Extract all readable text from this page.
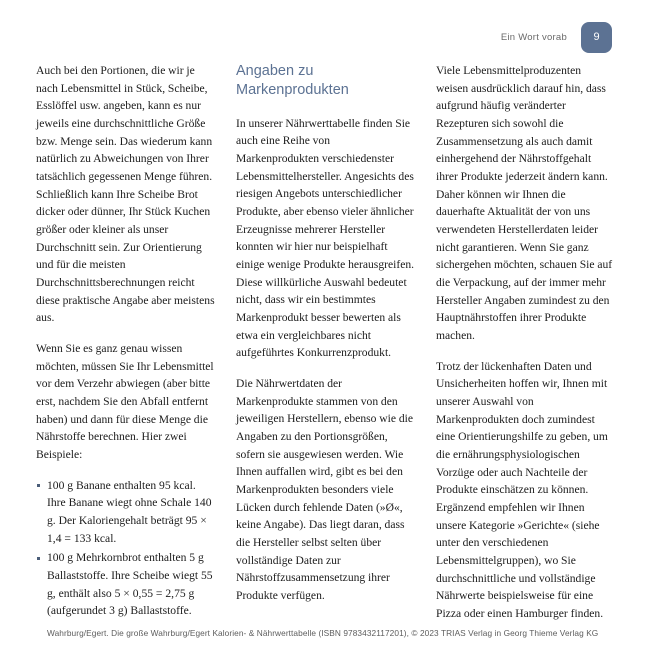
Ein Wort vorab	9

Auch bei den Portionen, die wir je nach Lebensmittel in Stück, Scheibe, Esslöffel usw. angeben, kann es nur jeweils eine durchschnittliche Größe bzw. Menge sein. Das wiederum kann natürlich zu Abweichungen von Ihrer tatsächlich gegessenen Menge führen. Schließlich kann Ihre Scheibe Brot dicker oder dünner, Ihr Stück Kuchen größer oder kleiner als unser Durchschnitt sein. Zur Orientierung und für die meisten Durchschnittsberechnungen reicht diese praktische Angabe aber meistens aus.

Wenn Sie es ganz genau wissen möchten, müssen Sie Ihr Lebensmittel vor dem Verzehr abwiegen (aber bitte erst, nachdem Sie den Abfall entfernt haben) und dann für diese Menge die Nährstoffe berechnen. Hier zwei Beispiele:

100 g Banane enthalten 95 kcal. Ihre Banane wiegt ohne Schale 140 g. Der Kaloriengehalt beträgt 95 × 1,4 = 133 kcal.
100 g Mehrkornbrot enthalten 5 g Ballaststoffe. Ihre Scheibe wiegt 55 g, enthält also 5 × 0,55 = 2,75 g (aufgerundet 3 g) Ballaststoffe.
Angaben zu Markenprodukten

In unserer Nährwerttabelle finden Sie auch eine Reihe von Markenprodukten verschiedenster Lebensmittelhersteller. Angesichts des riesigen Angebots unterschiedlicher Produkte, aber ebenso vieler ähnlicher Erzeugnisse mehrerer Hersteller konnten wir hier nur beispielhaft einige wenige Produkte herausgreifen. Diese willkürliche Auswahl bedeutet nicht, dass wir ein bestimmtes Markenprodukt besser bewerten als etwa ein vergleichbares nicht aufgeführtes Konkurrenzprodukt.

Die Nährwertdaten der Markenprodukte stammen von den jeweiligen Herstellern, ebenso wie die Angaben zu den Portionsgrößen, sofern sie ausgewiesen werden. Wie Ihnen auffallen wird, gibt es bei den Markenprodukten besonders viele Lücken durch fehlende Daten (»Ø«, keine Angabe). Das liegt daran, dass die Hersteller selbst selten über vollständige Daten zur Nährstoffzusammensetzung ihrer Produkte verfügen.

Viele Lebensmittelproduzenten weisen ausdrücklich darauf hin, dass aufgrund häufig veränderter Rezepturen sich sowohl die Zusammensetzung als auch damit einhergehend der Nährstoffgehalt ihrer Produkte jederzeit ändern kann. Daher können wir Ihnen die dauerhafte Aktualität der von uns verwendeten Herstellerdaten leider nicht garantieren. Wenn Sie ganz sichergehen möchten, schauen Sie auf die Verpackung, auf der immer mehr Hersteller Angaben zumindest zu den Hauptnährstoffen ihrer Produkte machen.

Trotz der lückenhaften Daten und Unsicherheiten hoffen wir, Ihnen mit unserer Auswahl von Markenprodukten doch zumindest eine Orientierungshilfe zu geben, um die ernährungsphysiologischen Vorzüge oder auch Nachteile der Produkte einschätzen zu können. Ergänzend empfehlen wir Ihnen unsere Kategorie »Gerichte« (siehe unter den verschiedenen Lebensmittelgruppen), wo Sie durchschnittliche und vollständige Nährwerte beispielsweise für eine Pizza oder einen Hamburger finden.

Wahrburg/Egert. Die große Wahrburg/Egert Kalorien- & Nährwerttabelle (ISBN 9783432117201), © 2023 TRIAS Verlag in Georg Thieme Verlag KG
